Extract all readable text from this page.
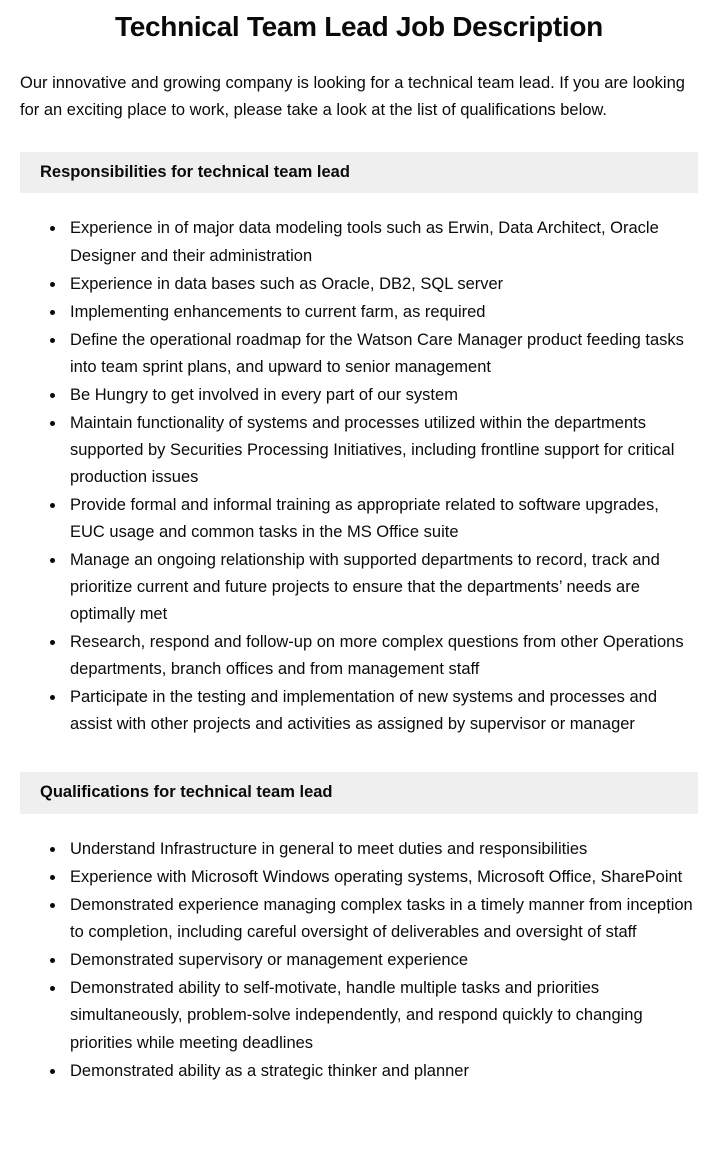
Technical Team Lead Job Description

Our innovative and growing company is looking for a technical team lead. If you are looking for an exciting place to work, please take a look at the list of qualifications below.

Responsibilities for technical team lead
• Experience in of major data modeling tools such as Erwin, Data Architect, Oracle Designer and their administration
• Experience in data bases such as Oracle, DB2, SQL server
• Implementing enhancements to current farm, as required
• Define the operational roadmap for the Watson Care Manager product feeding tasks into team sprint plans, and upward to senior management
• Be Hungry to get involved in every part of our system
• Maintain functionality of systems and processes utilized within the departments supported by Securities Processing Initiatives, including frontline support for critical production issues
• Provide formal and informal training as appropriate related to software upgrades, EUC usage and common tasks in the MS Office suite
• Manage an ongoing relationship with supported departments to record, track and prioritize current and future projects to ensure that the departments’ needs are optimally met
• Research, respond and follow-up on more complex questions from other Operations departments, branch offices and from management staff
• Participate in the testing and implementation of new systems and processes and assist with other projects and activities as assigned by supervisor or manager
Qualifications for technical team lead
• Understand Infrastructure in general to meet duties and responsibilities
• Experience with Microsoft Windows operating systems, Microsoft Office, SharePoint
• Demonstrated experience managing complex tasks in a timely manner from inception to completion, including careful oversight of deliverables and oversight of staff
• Demonstrated supervisory or management experience
• Demonstrated ability to self-motivate, handle multiple tasks and priorities simultaneously, problem-solve independently, and respond quickly to changing priorities while meeting deadlines
• Demonstrated ability as a strategic thinker and planner
